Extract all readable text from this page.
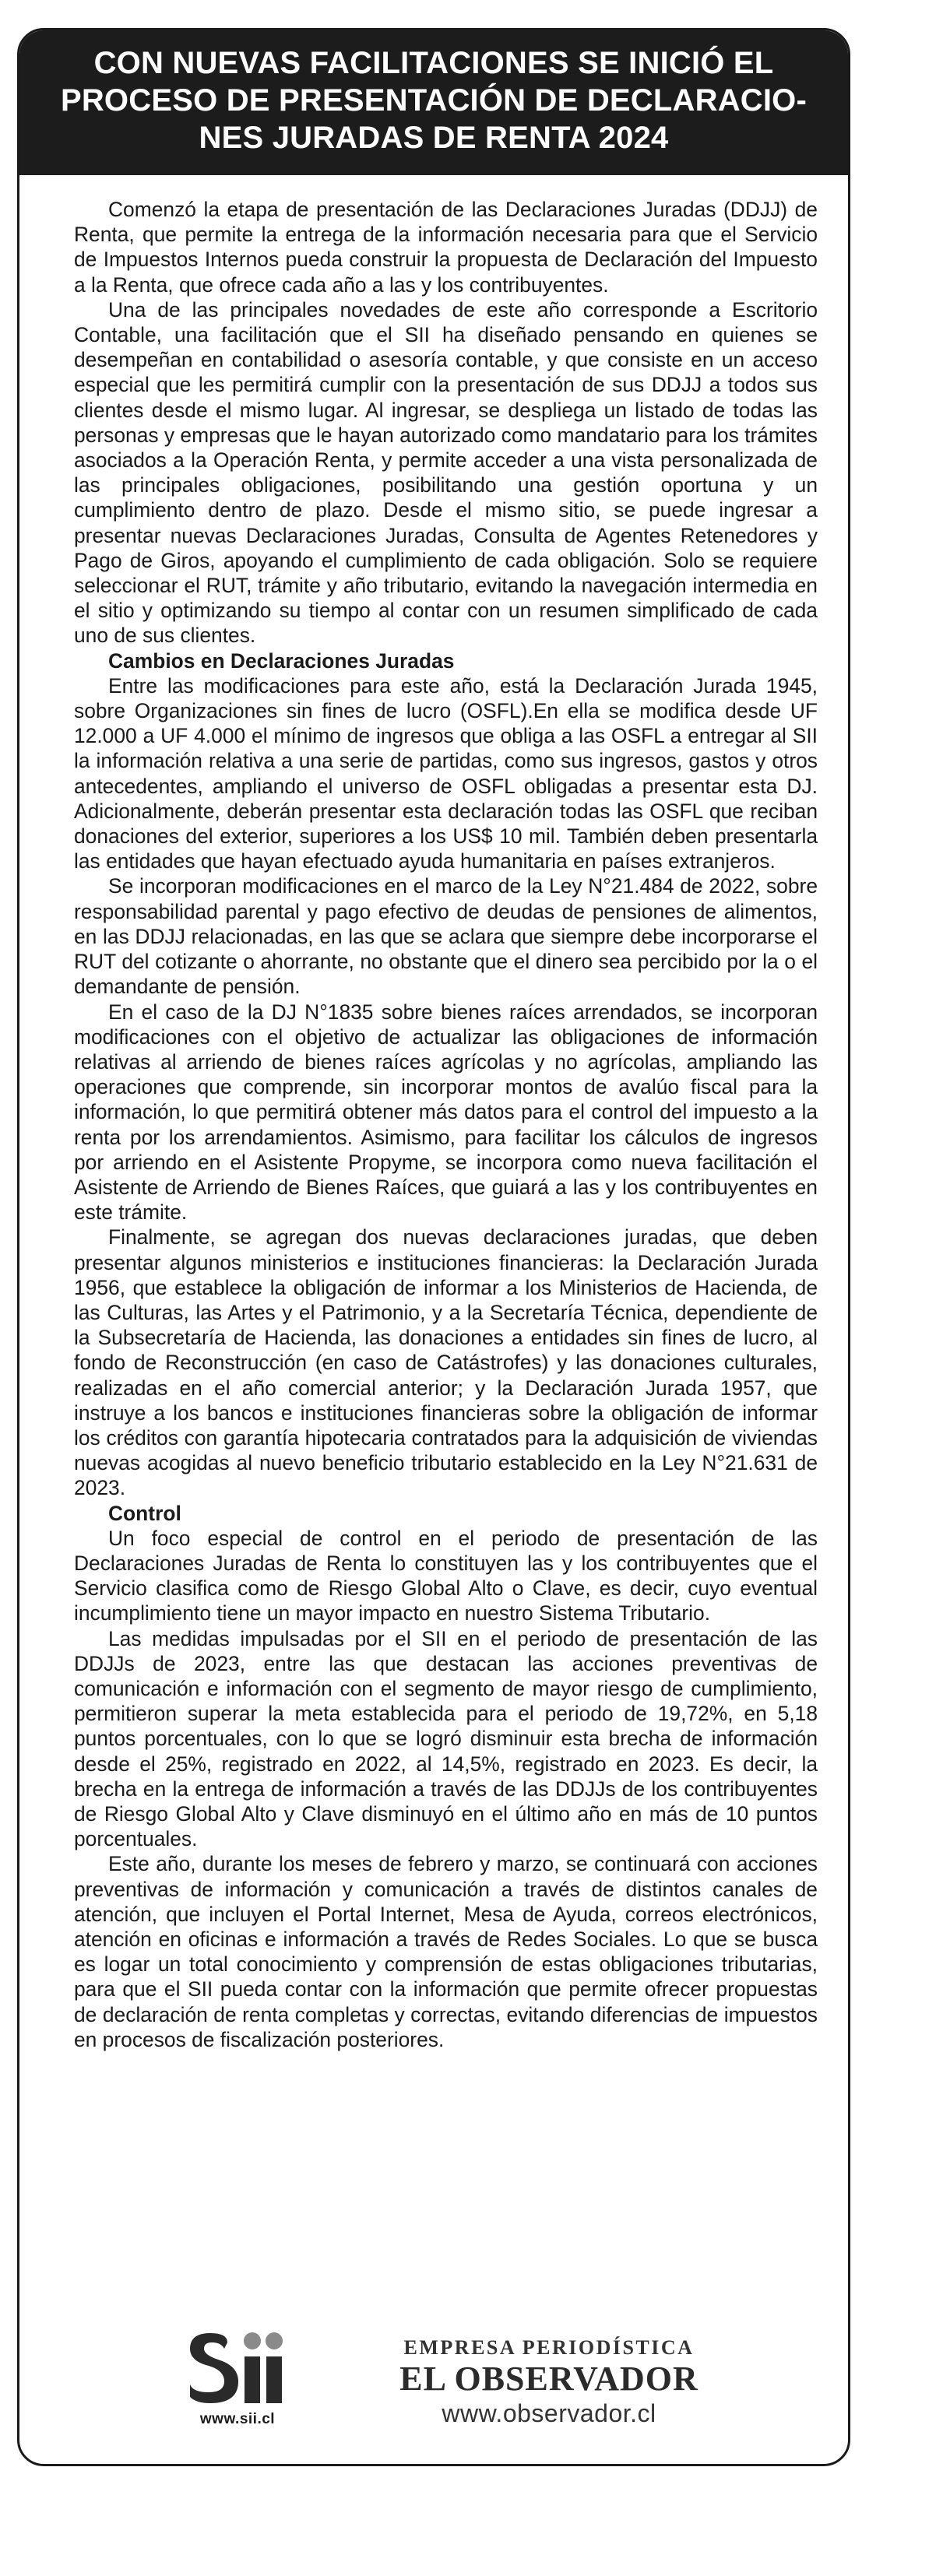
CON NUEVAS FACILITACIONES SE INICIÓ EL
PROCESO DE PRESENTACIÓN DE DECLARACIO-
NES JURADAS DE RENTA 2024

Comenzó la etapa de presentación de las Declaraciones Juradas (DDJJ) de Renta, que permite la entrega de la información necesaria para que el Servicio de Impuestos Internos pueda construir la propuesta de Declaración del Impuesto a la Renta, que ofrece cada año a las y los contribuyentes.

Una de las principales novedades de este año corresponde a Escritorio Contable, una facilitación que el SII ha diseñado pensando en quienes se desempeñan en contabilidad o asesoría contable, y que consiste en un acceso especial que les permitirá cumplir con la presentación de sus DDJJ a todos sus clientes desde el mismo lugar. Al ingresar, se despliega un listado de todas las personas y empresas que le hayan autorizado como mandatario para los trámites asociados a la Operación Renta, y permite acceder a una vista personalizada de las principales obligaciones, posibilitando una gestión oportuna y un cumplimiento dentro de plazo. Desde el mismo sitio, se puede ingresar a presentar nuevas Declaraciones Juradas, Consulta de Agentes Retenedores y Pago de Giros, apoyando el cumplimiento de cada obligación. Solo se requiere seleccionar el RUT, trámite y año tributario, evitando la navegación intermedia en el sitio y optimizando su tiempo al contar con un resumen simplificado de cada uno de sus clientes.

Cambios en Declaraciones Juradas

Entre las modificaciones para este año, está la Declaración Jurada 1945, sobre Organizaciones sin fines de lucro (OSFL).En ella se modifica desde UF 12.000 a UF 4.000 el mínimo de ingresos que obliga a las OSFL a entregar al SII la información relativa a una serie de partidas, como sus ingresos, gastos y otros antecedentes, ampliando el universo de OSFL obligadas a presentar esta DJ. Adicionalmente, deberán presentar esta declaración todas las OSFL que reciban donaciones del exterior, superiores a los US$ 10 mil. También deben presentarla las entidades que hayan efectuado ayuda humanitaria en países extranjeros.

Se incorporan modificaciones en el marco de la Ley N°21.484 de 2022, sobre responsabilidad parental y pago efectivo de deudas de pensiones de alimentos, en las DDJJ relacionadas, en las que se aclara que siempre debe incorporarse el RUT del cotizante o ahorrante, no obstante que el dinero sea percibido por la o el demandante de pensión.

En el caso de la DJ N°1835 sobre bienes raíces arrendados, se incorporan modificaciones con el objetivo de actualizar las obligaciones de información relativas al arriendo de bienes raíces agrícolas y no agrícolas, ampliando las operaciones que comprende, sin incorporar montos de avalúo fiscal para la información, lo que permitirá obtener más datos para el control del impuesto a la renta por los arrendamientos. Asimismo, para facilitar los cálculos de ingresos por arriendo en el Asistente Propyme, se incorpora como nueva facilitación el Asistente de Arriendo de Bienes Raíces, que guiará a las y los contribuyentes en este trámite.

Finalmente, se agregan dos nuevas declaraciones juradas, que deben presentar algunos ministerios e instituciones financieras: la Declaración Jurada 1956, que establece la obligación de informar a los Ministerios de Hacienda, de las Culturas, las Artes y el Patrimonio, y a la Secretaría Técnica, dependiente de la Subsecretaría de Hacienda, las donaciones a entidades sin fines de lucro, al fondo de Reconstrucción (en caso de Catástrofes) y las donaciones culturales, realizadas en el año comercial anterior; y la Declaración Jurada 1957, que instruye a los bancos e instituciones financieras sobre la obligación de informar los créditos con garantía hipotecaria contratados para la adquisición de viviendas nuevas acogidas al nuevo beneficio tributario establecido en la Ley N°21.631 de 2023.

Control

Un foco especial de control en el periodo de presentación de las Declaraciones Juradas de Renta lo constituyen las y los contribuyentes que el Servicio clasifica como de Riesgo Global Alto o Clave, es decir, cuyo eventual incumplimiento tiene un mayor impacto en nuestro Sistema Tributario.

Las medidas impulsadas por el SII en el periodo de presentación de las DDJJs de 2023, entre las que destacan las acciones preventivas de comunicación e información con el segmento de mayor riesgo de cumplimiento, permitieron superar la meta establecida para el periodo de 19,72%, en 5,18 puntos porcentuales, con lo que se logró disminuir esta brecha de información desde el 25%, registrado en 2022, al 14,5%, registrado en 2023. Es decir, la brecha en la entrega de información a través de las DDJJs de los contribuyentes de Riesgo Global Alto y Clave disminuyó en el último año en más de 10 puntos porcentuales.

Este año, durante los meses de febrero y marzo, se continuará con acciones preventivas de información y comunicación a través de distintos canales de atención, que incluyen el Portal Internet, Mesa de Ayuda, correos electrónicos, atención en oficinas e información a través de Redes Sociales. Lo que se busca es logar un total conocimiento y comprensión de estas obligaciones tributarias, para que el SII pueda contar con la información que permite ofrecer propuestas de declaración de renta completas y correctas, evitando diferencias de impuestos en procesos de fiscalización posteriores.

www.sii.cl
EMPRESA PERIODÍSTICA
EL OBSERVADOR
www.observador.cl
